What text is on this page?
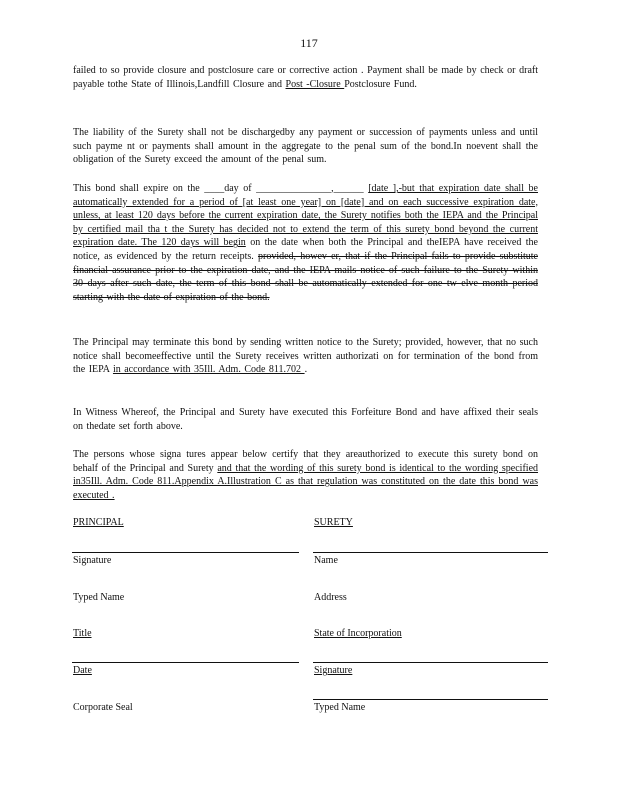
117

failed to so provide closure and postclosure care or corrective action . Payment shall be made by check or draft payable tothe State of Illinois,Landfill Closure and Post -Closure Postclosure Fund.

The liability of the Surety shall not be dischargedby any payment or succession of payments unless and until such payme nt or payments shall amount in the aggregate to the penal sum of the bond.In noevent shall the obligation of the Surety exceed the amount of the penal sum.

This bond shall expire on the ____day of _______________,______ [date ],-but that expiration date shall be automatically extended for a period of [at least one year] on [date] and on each successive expiration date, unless, at least 120 days before the current expiration date, the Surety notifies both the IEPA and the Principal by certified mail tha t the Surety has decided not to extend the term of this surety bond beyond the current expiration date. The 120 days will begin on the date when both the Principal and theIEPA have received the notice, as evidenced by the return receipts. provided, howev er, that if the Principal fails to provide substitute financial assurance prior to the expiration date, and the IEPA mails notice of such failure to the Surety within 30 days after such date, the term of this bond shall be automatically extended for one tw elve month period starting with the date of expiration of the bond.

The Principal may terminate this bond by sending written notice to the Surety; provided, however, that no such notice shall becomeeffective until the Surety receives written authorizati on for termination of the bond from the IEPA in accordance with 35Ill. Adm. Code 811.702 .

In Witness Whereof, the Principal and Surety have executed this Forfeiture Bond and have affixed their seals on thedate set forth above.

The persons whose signa tures appear below certify that they areauthorized to execute this surety bond on behalf of the Principal and Surety and that the wording of this surety bond is identical to the wording specified in35Ill. Adm. Code 811.Appendix A.Illustration C as that regulation was constituted on the date this bond was executed .

PRINCIPAL	SURETY
Signature	Name
Typed Name	Address
Title	State of Incorporation
Date	Signature
Corporate Seal	Typed Name
